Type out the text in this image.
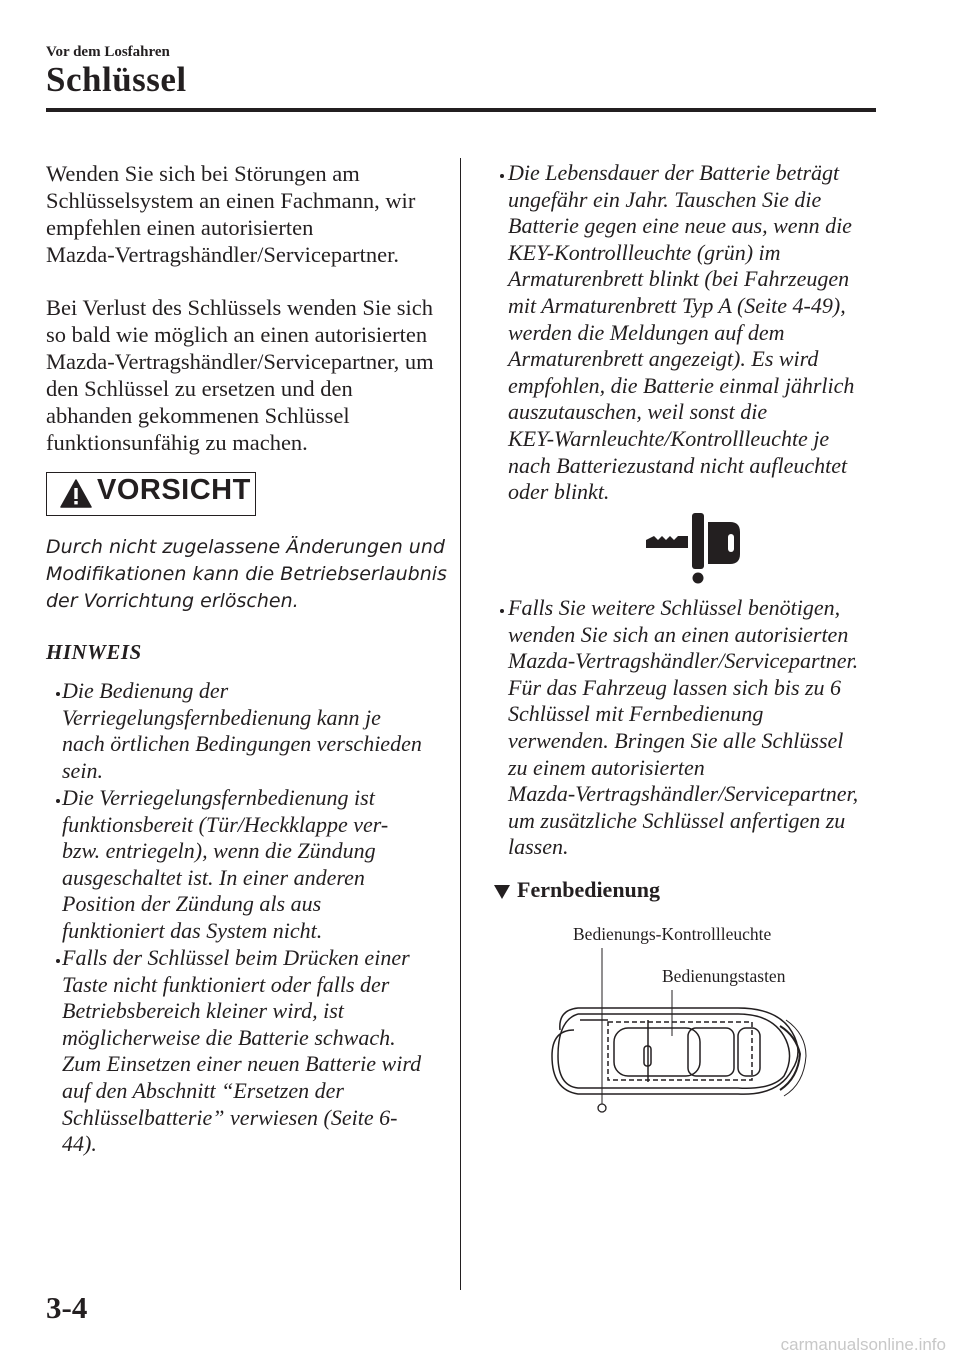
Vor dem Losfahren
Schlüssel
Wenden Sie sich bei Störungen am
Schlüsselsystem an einen Fachmann, wir
empfehlen einen autorisierten
Mazda-Vertragshändler/Servicepartner.
Bei Verlust des Schlüssels wenden Sie sich
so bald wie möglich an einen autorisierten
Mazda-Vertragshändler/Servicepartner, um
den Schlüssel zu ersetzen und den
abhanden gekommenen Schlüssel
funktionsunfähig zu machen.
VORSICHT
Durch nicht zugelassene Änderungen und
Modifikationen kann die Betriebserlaubnis
der Vorrichtung erlöschen.
HINWEIS
Die Bedienung der
Verriegelungsfernbedienung kann je
nach örtlichen Bedingungen verschieden
sein.
Die Verriegelungsfernbedienung ist
funktionsbereit (Tür/Heckklappe ver-
bzw. entriegeln), wenn die Zündung
ausgeschaltet ist. In einer anderen
Position der Zündung als aus
funktioniert das System nicht.
Falls der Schlüssel beim Drücken einer
Taste nicht funktioniert oder falls der
Betriebsbereich kleiner wird, ist
möglicherweise die Batterie schwach.
Zum Einsetzen einer neuen Batterie wird
auf den Abschnitt “Ersetzen der
Schlüsselbatterie” verwiesen (Seite 6-
44).
Die Lebensdauer der Batterie beträgt
ungefähr ein Jahr. Tauschen Sie die
Batterie gegen eine neue aus, wenn die
KEY-Kontrollleuchte (grün) im
Armaturenbrett blinkt (bei Fahrzeugen
mit Armaturenbrett Typ A (Seite 4-49),
werden die Meldungen auf dem
Armaturenbrett angezeigt). Es wird
empfohlen, die Batterie einmal jährlich
auszutauschen, weil sonst die
KEY-Warnleuchte/Kontrollleuchte je
nach Batteriezustand nicht aufleuchtet
oder blinkt.
Falls Sie weitere Schlüssel benötigen,
wenden Sie sich an einen autorisierten
Mazda-Vertragshändler/Servicepartner.
Für das Fahrzeug lassen sich bis zu 6
Schlüssel mit Fernbedienung
verwenden. Bringen Sie alle Schlüssel
zu einem autorisierten
Mazda-Vertragshändler/Servicepartner,
um zusätzliche Schlüssel anfertigen zu
lassen.
Fernbedienung
Bedienungs-Kontrollleuchte
Bedienungstasten
3-4
carmanualsonline.info
